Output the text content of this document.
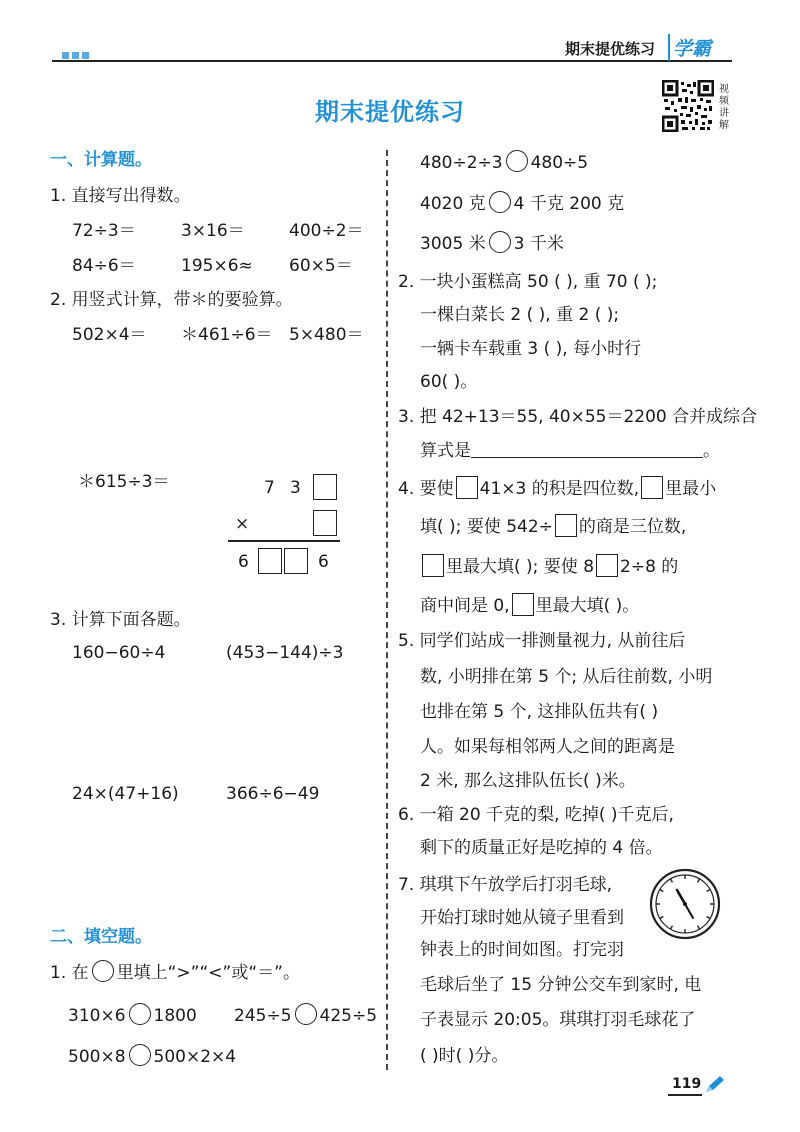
期末提优练习 学霸
期末提优练习
视
频
讲
解
一、计算题。
1. 直接写出得数。
72÷3＝	3×16＝	400÷2＝
84÷6＝	195×6≈ 60×5＝
2. 用竖式计算，带＊的要验算。
502×4＝ ＊461÷6＝ 5×480＝
＊615÷3＝	7 3
×
6	6
3. 计算下面各题。
160−60÷4	(453−144)÷3
24×(47+16)	366÷6−49
二、填空题。
1. 在 里填上“>”“<”或“＝”。
310×6 1800 245÷5 425÷5
500×8 500×2×4
480÷2÷3 480÷5
4020 克 4 千克 200 克
3005 米 3 千米
2. 一块小蛋糕高 50 ( ), 重 70 ( );
一棵白菜长 2 ( ), 重 2 ( );
一辆卡车载重 3 ( ), 每小时行
60( )。
3. 把 42+13＝55, 40×55＝2200 合并成综合
算式是	。
4. 要使 41×3 的积是四位数, 里最小
填( ); 要使 542÷ 的商是三位数,
里最大填( ); 要使 8 2÷8 的
商中间是 0, 里最大填( )。
5. 同学们站成一排测量视力, 从前往后
数, 小明排在第 5 个; 从后往前数, 小明
也排在第 5 个, 这排队伍共有( )
人。如果每相邻两人之间的距离是
2 米, 那么这排队伍长( )米。
6. 一箱 20 千克的梨, 吃掉( )千克后,
剩下的质量正好是吃掉的 4 倍。
7. 琪琪下午放学后打羽毛球,
开始打球时她从镜子里看到
钟表上的时间如图。打完羽
毛球后坐了 15 分钟公交车到家时, 电
子表显示 20:05。琪琪打羽毛球花了
( )时( )分。
119
